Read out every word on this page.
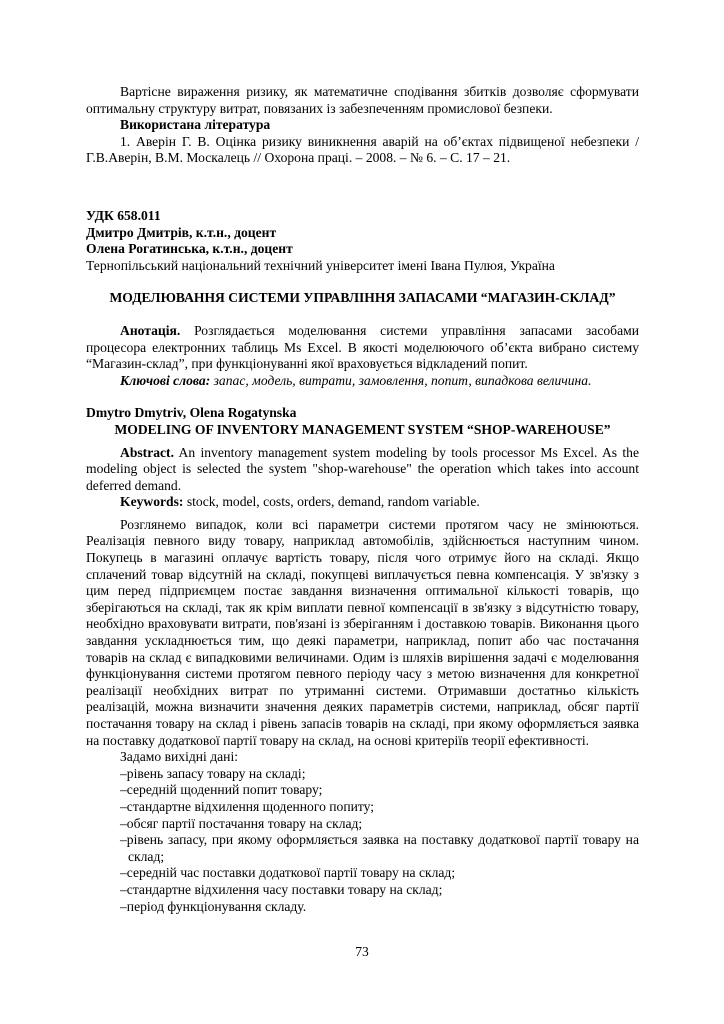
Вартісне вираження ризику, як математичне сподівання збитків дозволяє сформувати оптимальну структуру витрат, повязаних із забезпеченням промислової безпеки.

Використана література

1. Аверін Г. В. Оцінка ризику виникнення аварій на об’єктах підвищеної небезпеки / Г.В.Аверін, В.М. Москалець // Охорона праці. – 2008. – № 6. – С. 17 – 21.

УДК 658.011

Дмитро Дмитрів, к.т.н., доцент

Олена Рогатинська, к.т.н., доцент

Тернопільський національний технічний університет імені Івана Пулюя, Україна

МОДЕЛЮВАННЯ СИСТЕМИ УПРАВЛІННЯ ЗАПАСАМИ “МАГАЗИН-СКЛАД”

Анотація. Розглядається моделювання системи управління запасами засобами процесора електронних таблиць Ms Excel. В якості моделюючого об’єкта вибрано систему “Магазин-склад”, при функціонуванні якої враховується відкладений попит.

Ключові слова: запас, модель, витрати, замовлення, попит, випадкова величина.

Dmytro Dmytriv, Olena Rogatynska

MODELING OF INVENTORY MANAGEMENT SYSTEM “SHOP-WAREHOUSE”

Abstract. An inventory management system modeling by tools processor Ms Excel. As the modeling object is selected the system "shop-warehouse" the operation which takes into account deferred demand.

Keywords: stock, model, costs, orders, demand, random variable.

Розглянемо випадок, коли всі параметри системи протягом часу не змінюються. Реалізація певного виду товару, наприклад автомобілів, здійснюється наступним чином. Покупець в магазині оплачує вартість товару, після чого отримує його на складі. Якщо сплачений товар відсутній на складі, покупцеві виплачується певна компенсація. У зв'язку з цим перед підприємцем постає завдання визначення оптимальної кількості товарів, що зберігаються на складі, так як крім виплати певної компенсації в зв'язку з відсутністю товару, необхідно враховувати витрати, пов'язані із зберіганням і доставкою товарів. Виконання цього завдання ускладнюється тим, що деякі параметри, наприклад, попит або час постачання товарів на склад є випадковими величинами. Одим із шляхів вирішення задачі є моделювання функціонування системи протягом певного періоду часу з метою визначення для конкретної реалізації необхідних витрат по утриманні системи. Отримавши достатньо кількість реалізацій, можна визначити значення деяких параметрів системи, наприклад, обсяг партії постачання товару на склад і рівень запасів товарів на складі, при якому оформляється заявка на поставку додаткової партії товару на склад, на основі критеріїв теорії ефективності.

Задамо вихідні дані:

–рівень запасу товару на складі;
–середній щоденний попит товару;
–стандартне відхилення щоденного попиту;
–обсяг партії постачання товару на склад;
–рівень запасу, при якому оформляється заявка на поставку додаткової партії товару на склад;
–середній час поставки додаткової партії товару на склад;
–стандартне відхилення часу поставки товару на склад;
–період функціонування складу.
73
